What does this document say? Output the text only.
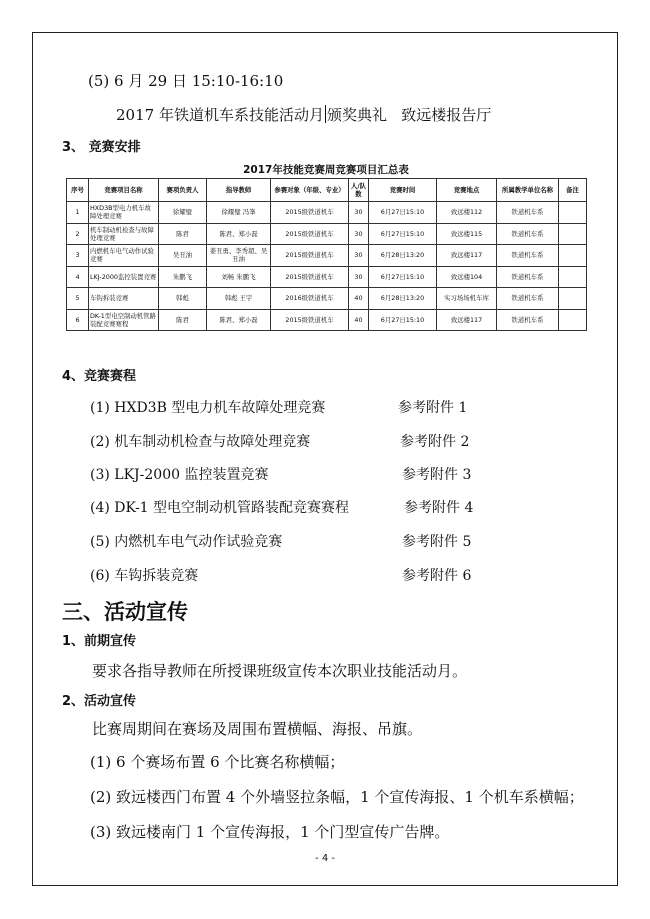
(5) 6 月 29 日 15:10-16:10
2017 年铁道机车系技能活动月 颁奖典礼 致远楼报告厅
3、 竞赛安排
2017年技能竞赛周竞赛项目汇总表
序号	竞赛项目名称	赛项负责人	指导教师	参赛对象（年级、专业）	人/队数	竞赛时间	竞赛地点	所属教学单位名称	备注
1	HXD3B型电力机车故障处理竞赛	徐耀璧	徐耀璧 冯峯	2015级铁道机车	30	6月27日15:10	致远楼112	铁道机车系	
2	机车制动机检查与故障处理竞赛	陈君	陈君、郑小磊	2015级铁道机车	30	6月27日15:10	致远楼115	铁道机车系	
3	内燃机车电气动作试验竞赛	吴丑油	姜丑勇、李秀超、吴丑油	2015级铁道机车	30	6月28日13:20	致远楼117	铁道机车系	
4	LKJ-2000监控装置竞赛	朱鹏飞	刘畅 朱鹏飞	2015级铁道机车	30	6月27日15:10	致远楼104	铁道机车系	
5	车钩拆装竞赛	韩彪	韩彪 王宇	2016级铁道机车	40	6月28日13:20	实习场场机车库	铁道机车系	
6	DK-1型电空制动机管路装配竞赛赛程	陈君	陈君、郑小磊	2015级铁道机车	40	6月27日15:10	致远楼117	铁道机车系	
4、竞赛赛程
(1) HXD3B 型电力机车故障处理竞赛	参考附件 1
(2) 机车制动机检查与故障处理竞赛	参考附件 2
(3) LKJ-2000 监控装置竞赛	参考附件 3
(4) DK-1 型电空制动机管路装配竞赛赛程	参考附件 4
(5) 内燃机车电气动作试验竞赛	参考附件 5
(6) 车钩拆装竞赛	参考附件 6
三、活动宣传
1、前期宣传
要求各指导教师在所授课班级宣传本次职业技能活动月。
2、活动宣传
比赛周期间在赛场及周围布置横幅、海报、吊旗。
(1) 6 个赛场布置 6 个比赛名称横幅；
(2) 致远楼西门布置 4 个外墙竖拉条幅，1 个宣传海报、1 个机车系横幅；
(3) 致远楼南门 1 个宣传海报，1 个门型宣传广告牌。
- 4 -
